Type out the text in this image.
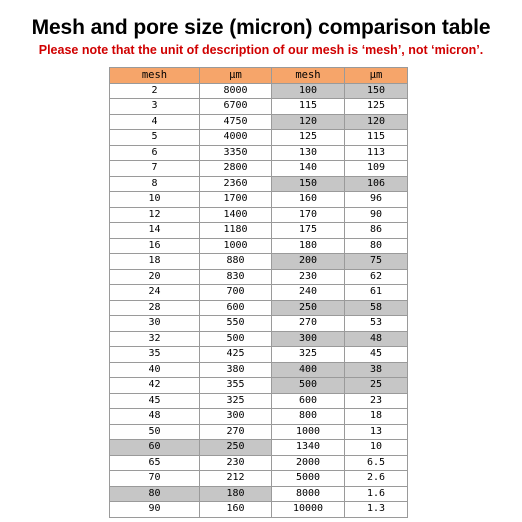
Mesh and pore size (micron) comparison table
Please note that the unit of description of our mesh is ‘mesh’, not ‘micron’.
mesh	μm	mesh	μm
2	8000	100	150
3	6700	115	125
4	4750	120	120
5	4000	125	115
6	3350	130	113
7	2800	140	109
8	2360	150	106
10	1700	160	96
12	1400	170	90
14	1180	175	86
16	1000	180	80
18	880	200	75
20	830	230	62
24	700	240	61
28	600	250	58
30	550	270	53
32	500	300	48
35	425	325	45
40	380	400	38
42	355	500	25
45	325	600	23
48	300	800	18
50	270	1000	13
60	250	1340	10
65	230	2000	6.5
70	212	5000	2.6
80	180	8000	1.6
90	160	10000	1.3
